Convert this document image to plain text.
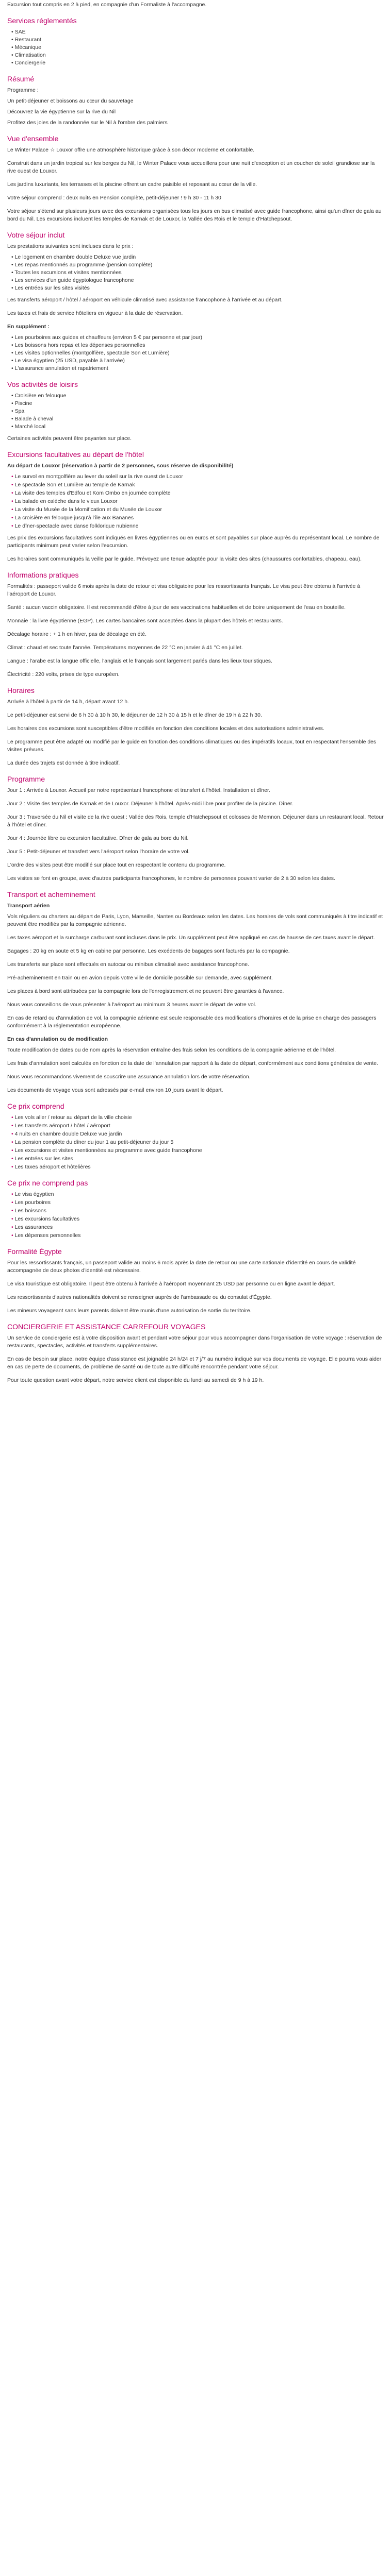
Excursion tout compris en 2 à pied, en compagnie d'un Formaliste à l'accompagne.

Services réglementés
• SAE
• Restaurant
• Mécanique
• Climatisation
• Conciergerie
Résumé

Programme :

Un petit-déjeuner et boissons au cœur du sauvetage

Découvrez la vie égyptienne sur la rive du Nil

Profitez des joies de la randonnée sur le Nil à l'ombre des palmiers

Vue d'ensemble

Le Winter Palace ☆ Louxor offre une atmosphère historique grâce à son décor moderne et confortable.

Construit dans un jardin tropical sur les berges du Nil, le Winter Palace vous accueillera pour une nuit d'exception et un coucher de soleil grandiose sur la rive ouest de Louxor.

Les jardins luxuriants, les terrasses et la piscine offrent un cadre paisible et reposant au cœur de la ville.

Votre séjour comprend : deux nuits en Pension complète, petit-déjeuner ! 9 h 30 - 11 h 30

Votre séjour s'étend sur plusieurs jours avec des excursions organisées tous les jours en bus climatisé avec guide francophone, ainsi qu'un dîner de gala au bord du Nil. Les excursions incluent les temples de Karnak et de Louxor, la Vallée des Rois et le temple d'Hatchepsout.

Votre séjour inclut

Les prestations suivantes sont incluses dans le prix :

• Le logement en chambre double Deluxe vue jardin
• Les repas mentionnés au programme (pension complète)
• Toutes les excursions et visites mentionnées
• Les services d'un guide égyptologue francophone
• Les entrées sur les sites visités

Les transferts aéroport / hôtel / aéroport en véhicule climatisé avec assistance francophone à l'arrivée et au départ.

Les taxes et frais de service hôteliers en vigueur à la date de réservation.

En supplément :

• Les pourboires aux guides et chauffeurs (environ 5 € par personne et par jour)
• Les boissons hors repas et les dépenses personnelles
• Les visites optionnelles (montgolfière, spectacle Son et Lumière)
• Le visa égyptien (25 USD, payable à l'arrivée)
• L'assurance annulation et rapatriement
Vos activités de loisirs
• Croisière en felouque
• Piscine
• Spa
• Balade à cheval
• Marché local

Certaines activités peuvent être payantes sur place.

Excursions facultatives au départ de l'hôtel

Au départ de Louxor (réservation à partir de 2 personnes, sous réserve de disponibilité)

• Le survol en montgolfière au lever du soleil sur la rive ouest de Louxor
• Le spectacle Son et Lumière au temple de Karnak
• La visite des temples d'Edfou et Kom Ombo en journée complète
• La balade en calèche dans le vieux Louxor
• La visite du Musée de la Momification et du Musée de Louxor
• La croisière en felouque jusqu'à l'île aux Bananes
• Le dîner-spectacle avec danse folklorique nubienne

Les prix des excursions facultatives sont indiqués en livres égyptiennes ou en euros et sont payables sur place auprès du représentant local. Le nombre de participants minimum peut varier selon l'excursion.

Les horaires sont communiqués la veille par le guide. Prévoyez une tenue adaptée pour la visite des sites (chaussures confortables, chapeau, eau).

Informations pratiques

Formalités : passeport valide 6 mois après la date de retour et visa obligatoire pour les ressortissants français. Le visa peut être obtenu à l'arrivée à l'aéroport de Louxor.

Santé : aucun vaccin obligatoire. Il est recommandé d'être à jour de ses vaccinations habituelles et de boire uniquement de l'eau en bouteille.

Monnaie : la livre égyptienne (EGP). Les cartes bancaires sont acceptées dans la plupart des hôtels et restaurants.

Décalage horaire : + 1 h en hiver, pas de décalage en été.

Climat : chaud et sec toute l'année. Températures moyennes de 22 °C en janvier à 41 °C en juillet.

Langue : l'arabe est la langue officielle, l'anglais et le français sont largement parlés dans les lieux touristiques.

Électricité : 220 volts, prises de type européen.

Horaires

Arrivée à l'hôtel à partir de 14 h, départ avant 12 h.

Le petit-déjeuner est servi de 6 h 30 à 10 h 30, le déjeuner de 12 h 30 à 15 h et le dîner de 19 h à 22 h 30.

Les horaires des excursions sont susceptibles d'être modifiés en fonction des conditions locales et des autorisations administratives.

Le programme peut être adapté ou modifié par le guide en fonction des conditions climatiques ou des impératifs locaux, tout en respectant l'ensemble des visites prévues.

La durée des trajets est donnée à titre indicatif.

Programme

Jour 1 : Arrivée à Louxor. Accueil par notre représentant francophone et transfert à l'hôtel. Installation et dîner.

Jour 2 : Visite des temples de Karnak et de Louxor. Déjeuner à l'hôtel. Après-midi libre pour profiter de la piscine. Dîner.

Jour 3 : Traversée du Nil et visite de la rive ouest : Vallée des Rois, temple d'Hatchepsout et colosses de Memnon. Déjeuner dans un restaurant local. Retour à l'hôtel et dîner.

Jour 4 : Journée libre ou excursion facultative. Dîner de gala au bord du Nil.

Jour 5 : Petit-déjeuner et transfert vers l'aéroport selon l'horaire de votre vol.

L'ordre des visites peut être modifié sur place tout en respectant le contenu du programme.

Les visites se font en groupe, avec d'autres participants francophones, le nombre de personnes pouvant varier de 2 à 30 selon les dates.

Transport et acheminement

Transport aérien

Vols réguliers ou charters au départ de Paris, Lyon, Marseille, Nantes ou Bordeaux selon les dates. Les horaires de vols sont communiqués à titre indicatif et peuvent être modifiés par la compagnie aérienne.

Les taxes aéroport et la surcharge carburant sont incluses dans le prix. Un supplément peut être appliqué en cas de hausse de ces taxes avant le départ.

Bagages : 20 kg en soute et 5 kg en cabine par personne. Les excédents de bagages sont facturés par la compagnie.

Les transferts sur place sont effectués en autocar ou minibus climatisé avec assistance francophone.

Pré-acheminement en train ou en avion depuis votre ville de domicile possible sur demande, avec supplément.

Les places à bord sont attribuées par la compagnie lors de l'enregistrement et ne peuvent être garanties à l'avance.

Nous vous conseillons de vous présenter à l'aéroport au minimum 3 heures avant le départ de votre vol.

En cas de retard ou d'annulation de vol, la compagnie aérienne est seule responsable des modifications d'horaires et de la prise en charge des passagers conformément à la réglementation européenne.

En cas d'annulation ou de modification

Toute modification de dates ou de nom après la réservation entraîne des frais selon les conditions de la compagnie aérienne et de l'hôtel.

Les frais d'annulation sont calculés en fonction de la date de l'annulation par rapport à la date de départ, conformément aux conditions générales de vente.

Nous vous recommandons vivement de souscrire une assurance annulation lors de votre réservation.

Les documents de voyage vous sont adressés par e-mail environ 10 jours avant le départ.

Ce prix comprend
• Les vols aller / retour au départ de la ville choisie
• Les transferts aéroport / hôtel / aéroport
• 4 nuits en chambre double Deluxe vue jardin
• La pension complète du dîner du jour 1 au petit-déjeuner du jour 5
• Les excursions et visites mentionnées au programme avec guide francophone
• Les entrées sur les sites
• Les taxes aéroport et hôtelières
Ce prix ne comprend pas
• Le visa égyptien
• Les pourboires
• Les boissons
• Les excursions facultatives
• Les assurances
• Les dépenses personnelles
Formalité Égypte

Pour les ressortissants français, un passeport valide au moins 6 mois après la date de retour ou une carte nationale d'identité en cours de validité accompagnée de deux photos d'identité est nécessaire.

Le visa touristique est obligatoire. Il peut être obtenu à l'arrivée à l'aéroport moyennant 25 USD par personne ou en ligne avant le départ.

Les ressortissants d'autres nationalités doivent se renseigner auprès de l'ambassade ou du consulat d'Égypte.

Les mineurs voyageant sans leurs parents doivent être munis d'une autorisation de sortie du territoire.

CONCIERGERIE ET ASSISTANCE CARREFOUR VOYAGES

Un service de conciergerie est à votre disposition avant et pendant votre séjour pour vous accompagner dans l'organisation de votre voyage : réservation de restaurants, spectacles, activités et transferts supplémentaires.

En cas de besoin sur place, notre équipe d'assistance est joignable 24 h/24 et 7 j/7 au numéro indiqué sur vos documents de voyage. Elle pourra vous aider en cas de perte de documents, de problème de santé ou de toute autre difficulté rencontrée pendant votre séjour.

Pour toute question avant votre départ, notre service client est disponible du lundi au samedi de 9 h à 19 h.
